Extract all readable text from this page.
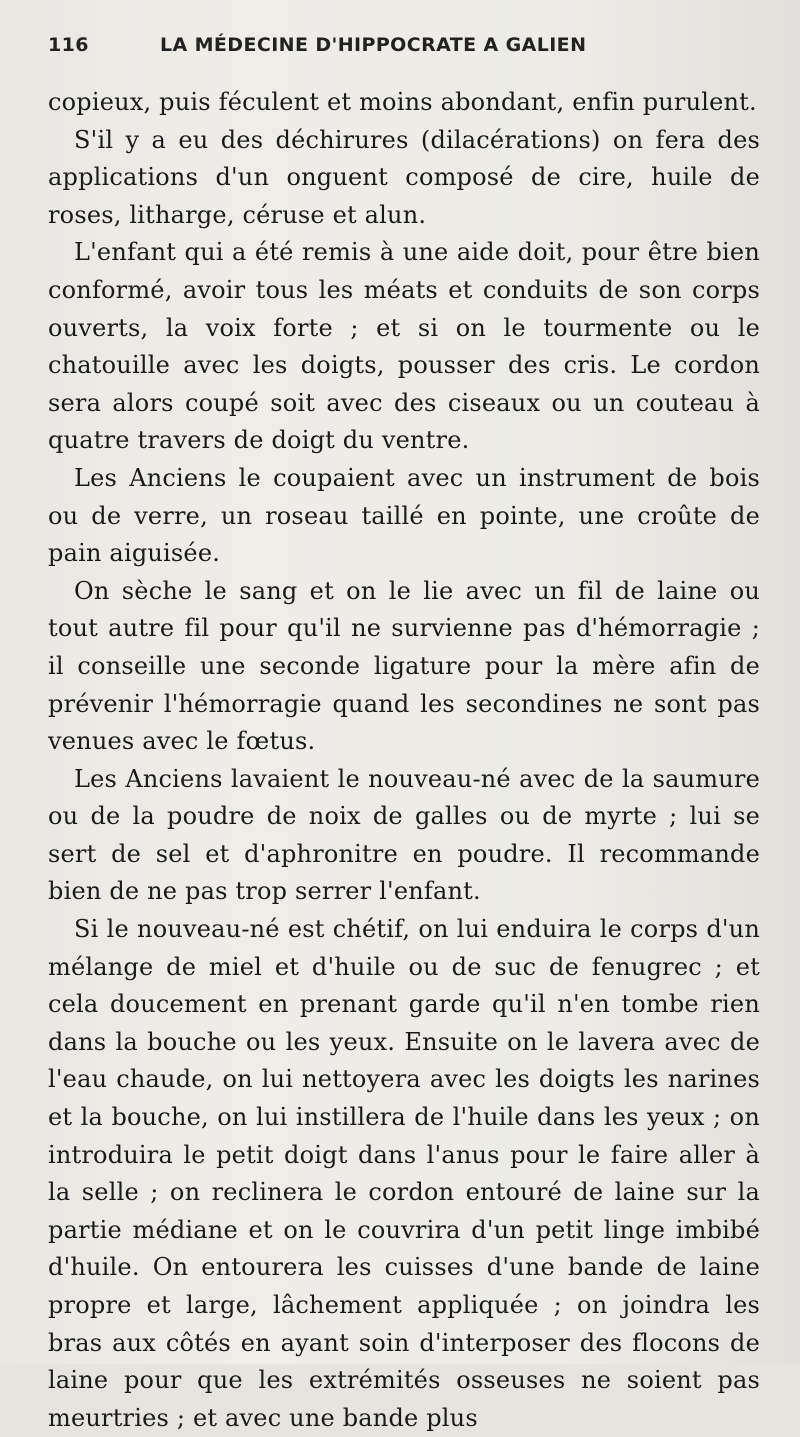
116	LA MÉDECINE D'HIPPOCRATE A GALIEN

copieux, puis féculent et moins abondant, enfin purulent.

S'il y a eu des déchirures (dilacérations) on fera des applications d'un onguent composé de cire, huile de roses, litharge, céruse et alun.

L'enfant qui a été remis à une aide doit, pour être bien conformé, avoir tous les méats et conduits de son corps ouverts, la voix forte ; et si on le tourmente ou le chatouille avec les doigts, pousser des cris. Le cordon sera alors coupé soit avec des ciseaux ou un couteau à quatre travers de doigt du ventre.

Les Anciens le coupaient avec un instrument de bois ou de verre, un roseau taillé en pointe, une croûte de pain aiguisée.

On sèche le sang et on le lie avec un fil de laine ou tout autre fil pour qu'il ne survienne pas d'hémorragie ; il conseille une seconde ligature pour la mère afin de prévenir l'hémorragie quand les secondines ne sont pas venues avec le fœtus.

Les Anciens lavaient le nouveau-né avec de la saumure ou de la poudre de noix de galles ou de myrte ; lui se sert de sel et d'aphronitre en poudre. Il recommande bien de ne pas trop serrer l'enfant.

Si le nouveau-né est chétif, on lui enduira le corps d'un mélange de miel et d'huile ou de suc de fenugrec ; et cela doucement en prenant garde qu'il n'en tombe rien dans la bouche ou les yeux. Ensuite on le lavera avec de l'eau chaude, on lui nettoyera avec les doigts les narines et la bouche, on lui instillera de l'huile dans les yeux ; on introduira le petit doigt dans l'anus pour le faire aller à la selle ; on reclinera le cordon entouré de laine sur la partie médiane et on le couvrira d'un petit linge imbibé d'huile. On entourera les cuisses d'une bande de laine propre et large, lâchement appliquée ; on joindra les bras aux côtés en ayant soin d'interposer des flocons de laine pour que les extrémités osseuses ne soient pas meurtries ; et avec une bande plus
